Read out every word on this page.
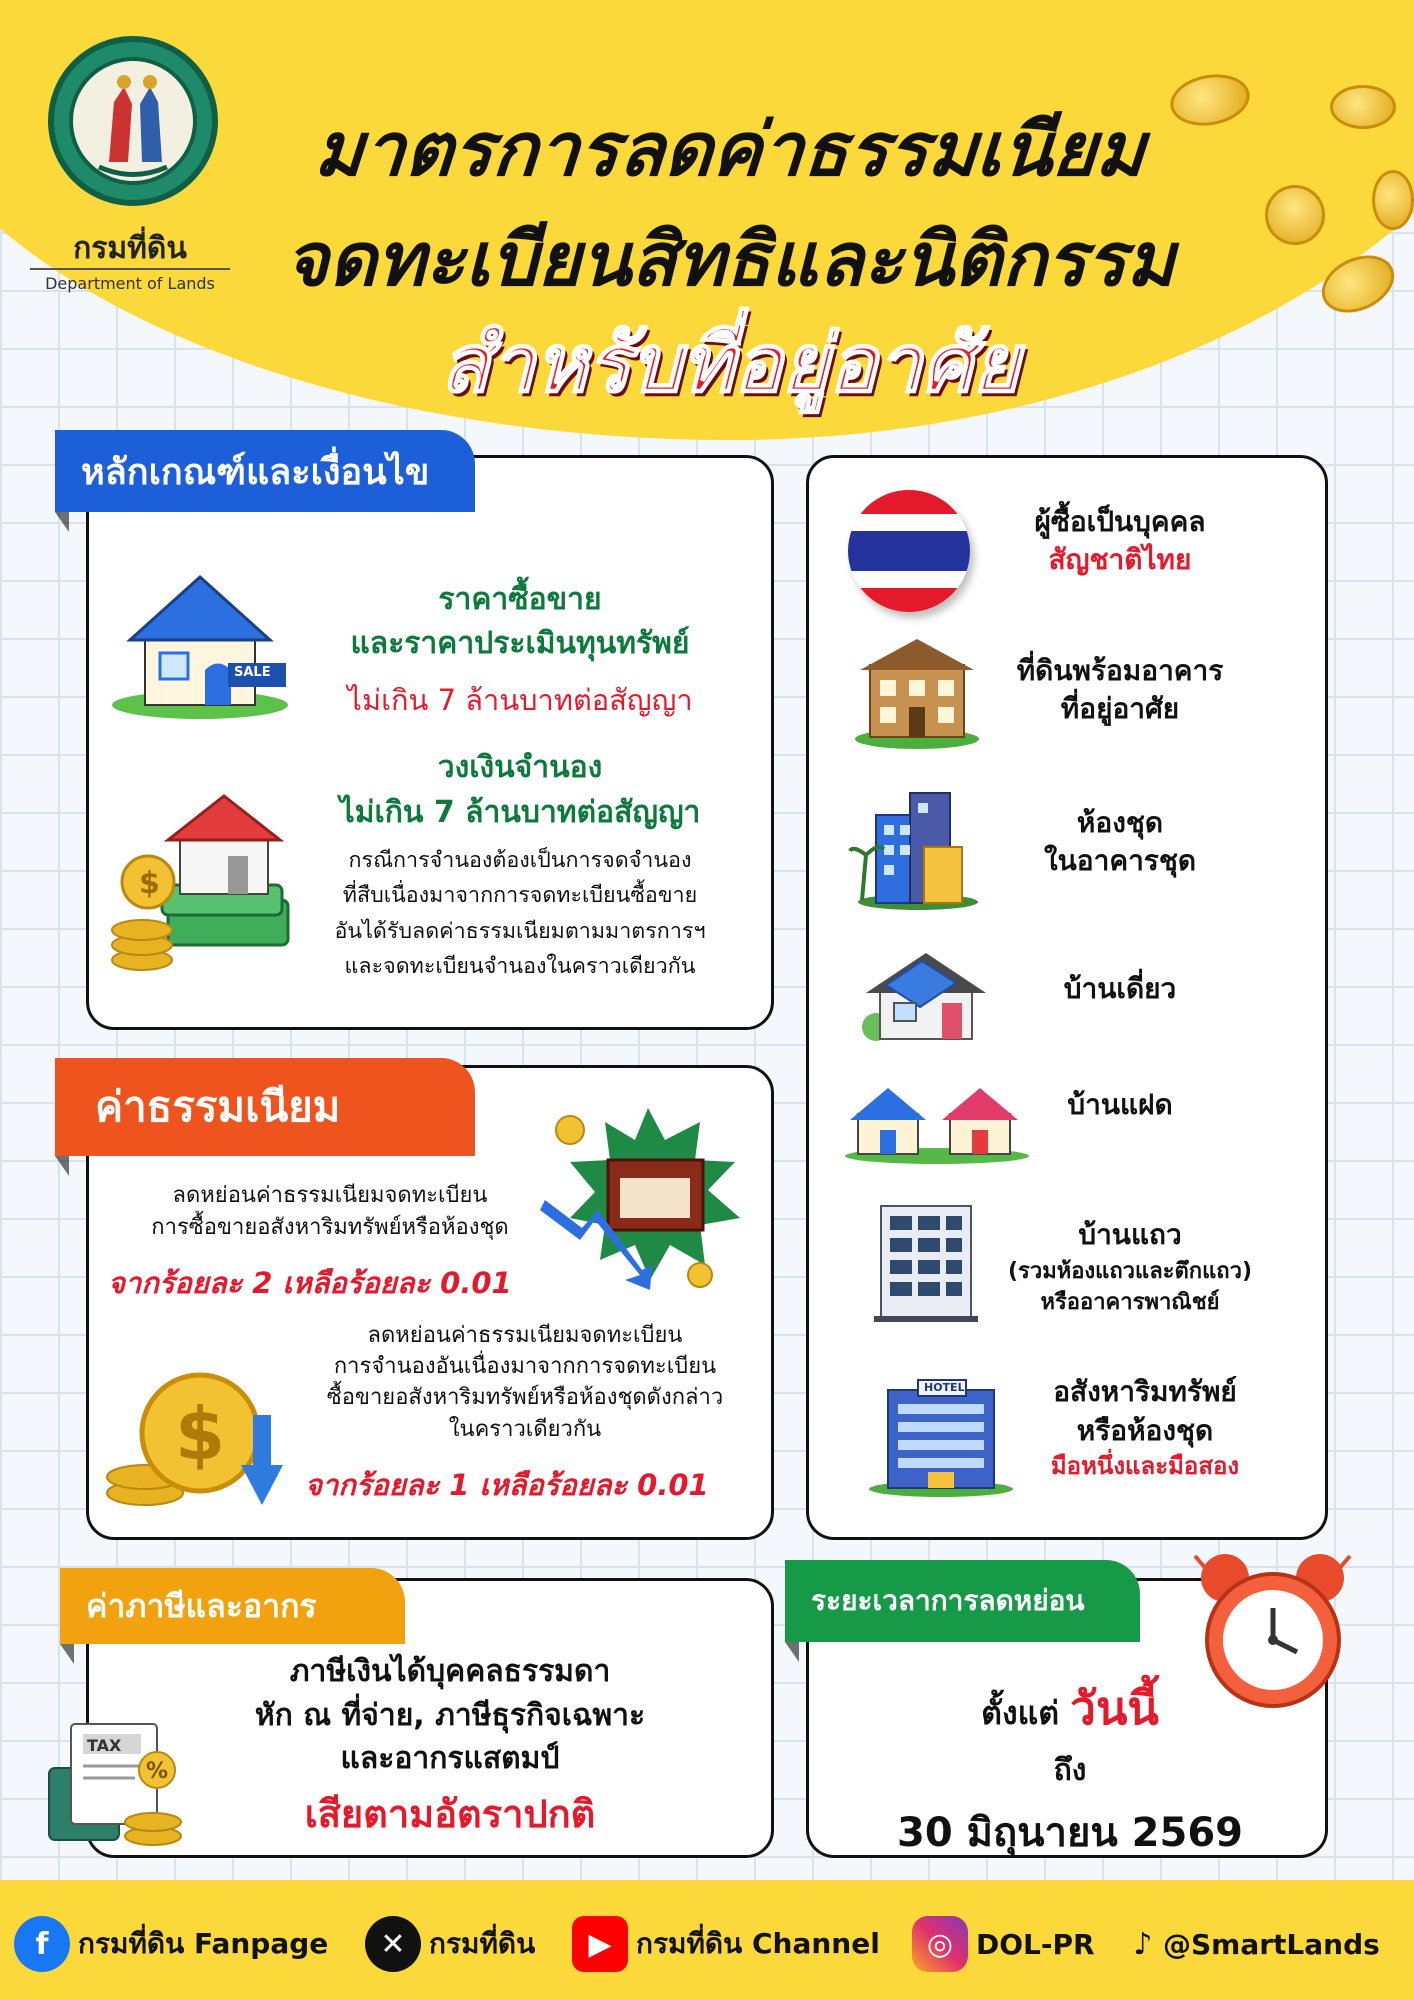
กรมที่ดิน
Department of Lands
มาตรการลดค่าธรรมเนียม
จดทะเบียนสิทธิและนิติกรรม
สำหรับที่อยู่อาศัย
หลักเกณฑ์และเงื่อนไข
SALE
ราคาซื้อขาย
และราคาประเมินทุนทรัพย์
ไม่เกิน 7 ล้านบาทต่อสัญญา
$
วงเงินจำนอง
ไม่เกิน 7 ล้านบาทต่อสัญญา
กรณีการจำนองต้องเป็นการจดจำนอง
ที่สืบเนื่องมาจากการจดทะเบียนซื้อขาย
อันได้รับลดค่าธรรมเนียมตามมาตรการฯ
และจดทะเบียนจำนองในคราวเดียวกัน
ค่าธรรมเนียม
ลดหย่อนค่าธรรมเนียมจดทะเบียน
การซื้อขายอสังหาริมทรัพย์หรือห้องชุด
จากร้อยละ 2 เหลือร้อยละ 0.01
$
ลดหย่อนค่าธรรมเนียมจดทะเบียน
การจำนองอันเนื่องมาจากการจดทะเบียน
ซื้อขายอสังหาริมทรัพย์หรือห้องชุดดังกล่าว
ในคราวเดียวกัน
จากร้อยละ 1 เหลือร้อยละ 0.01
ผู้ซื้อเป็นบุคคล
สัญชาติไทย
ที่ดินพร้อมอาคาร
ที่อยู่อาศัย
ห้องชุด
ในอาคารชุด
บ้านเดี่ยว
บ้านแฝด
บ้านแถว
(รวมห้องแถวและตึกแถว)
หรืออาคารพาณิชย์
HOTEL	อสังหาริมทรัพย์
หรือห้องชุด
มือหนึ่งและมือสอง
ค่าภาษีและอากร
%
TAX
ภาษีเงินได้บุคคลธรรมดา
หัก ณ ที่จ่าย, ภาษีธุรกิจเฉพาะ
และอากรแสตมป์
เสียตามอัตราปกติ
ระยะเวลาการลดหย่อน
ตั้งแต่ วันนี้
ถึง
30 มิถุนายน 2569
f	กรมที่ดิน Fanpage	✕ กรมที่ดิน	▶ กรมที่ดิน Channel	◎ DOL-PR ♪ @SmartLands
